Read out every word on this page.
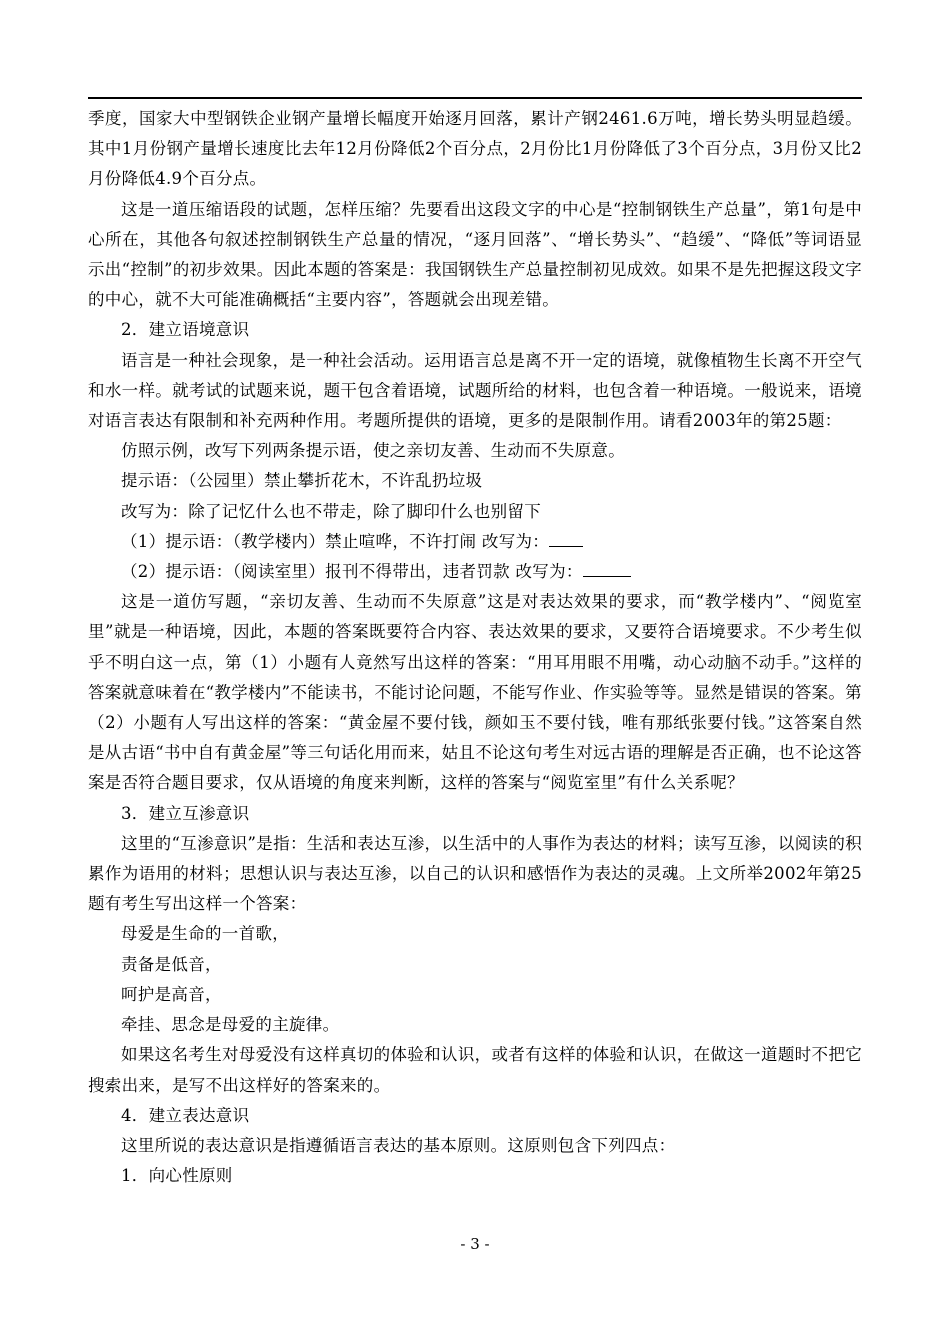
季度，国家大中型钢铁企业钢产量增长幅度开始逐月回落，累计产钢2461.6万吨，增长势头明显趋缓。其中1月份钢产量增长速度比去年12月份降低2个百分点，2月份比1月份降低了3个百分点，3月份又比2月份降低4.9个百分点。

这是一道压缩语段的试题，怎样压缩？先要看出这段文字的中心是“控制钢铁生产总量”，第1句是中心所在，其他各句叙述控制钢铁生产总量的情况，“逐月回落”、“增长势头”、“趋缓”、“降低”等词语显示出“控制”的初步效果。因此本题的答案是：我国钢铁生产总量控制初见成效。如果不是先把握这段文字的中心，就不大可能准确概括“主要内容”，答题就会出现差错。

2．建立语境意识

语言是一种社会现象，是一种社会活动。运用语言总是离不开一定的语境，就像植物生长离不开空气和水一样。就考试的试题来说，题干包含着语境，试题所给的材料，也包含着一种语境。一般说来，语境对语言表达有限制和补充两种作用。考题所提供的语境，更多的是限制作用。请看2003年的第25题：

仿照示例，改写下列两条提示语，使之亲切友善、生动而不失原意。

提示语：（公园里）禁止攀折花木，不许乱扔垃圾

改写为：除了记忆什么也不带走，除了脚印什么也别留下

（1）提示语：（教学楼内）禁止喧哗，不许打闹 改写为：

（2）提示语：（阅读室里）报刊不得带出，违者罚款 改写为：

这是一道仿写题，“亲切友善、生动而不失原意”这是对表达效果的要求，而“教学楼内”、“阅览室里”就是一种语境，因此，本题的答案既要符合内容、表达效果的要求，又要符合语境要求。不少考生似乎不明白这一点，第（1）小题有人竟然写出这样的答案：“用耳用眼不用嘴，动心动脑不动手。”这样的答案就意味着在“教学楼内”不能读书，不能讨论问题，不能写作业、作实验等等。显然是错误的答案。第（2）小题有人写出这样的答案：“黄金屋不要付钱，颜如玉不要付钱，唯有那纸张要付钱。”这答案自然是从古语“书中自有黄金屋”等三句话化用而来，姑且不论这句考生对远古语的理解是否正确，也不论这答案是否符合题目要求，仅从语境的角度来判断，这样的答案与“阅览室里”有什么关系呢？

3．建立互渗意识

这里的“互渗意识”是指：生活和表达互渗，以生活中的人事作为表达的材料；读写互渗，以阅读的积累作为语用的材料；思想认识与表达互渗，以自己的认识和感悟作为表达的灵魂。上文所举2002年第25题有考生写出这样一个答案：

母爱是生命的一首歌，

责备是低音，

呵护是高音，

牵挂、思念是母爱的主旋律。

如果这名考生对母爱没有这样真切的体验和认识，或者有这样的体验和认识，在做这一道题时不把它搜索出来，是写不出这样好的答案来的。

4．建立表达意识

这里所说的表达意识是指遵循语言表达的基本原则。这原则包含下列四点：

1．向心性原则

- 3 -
